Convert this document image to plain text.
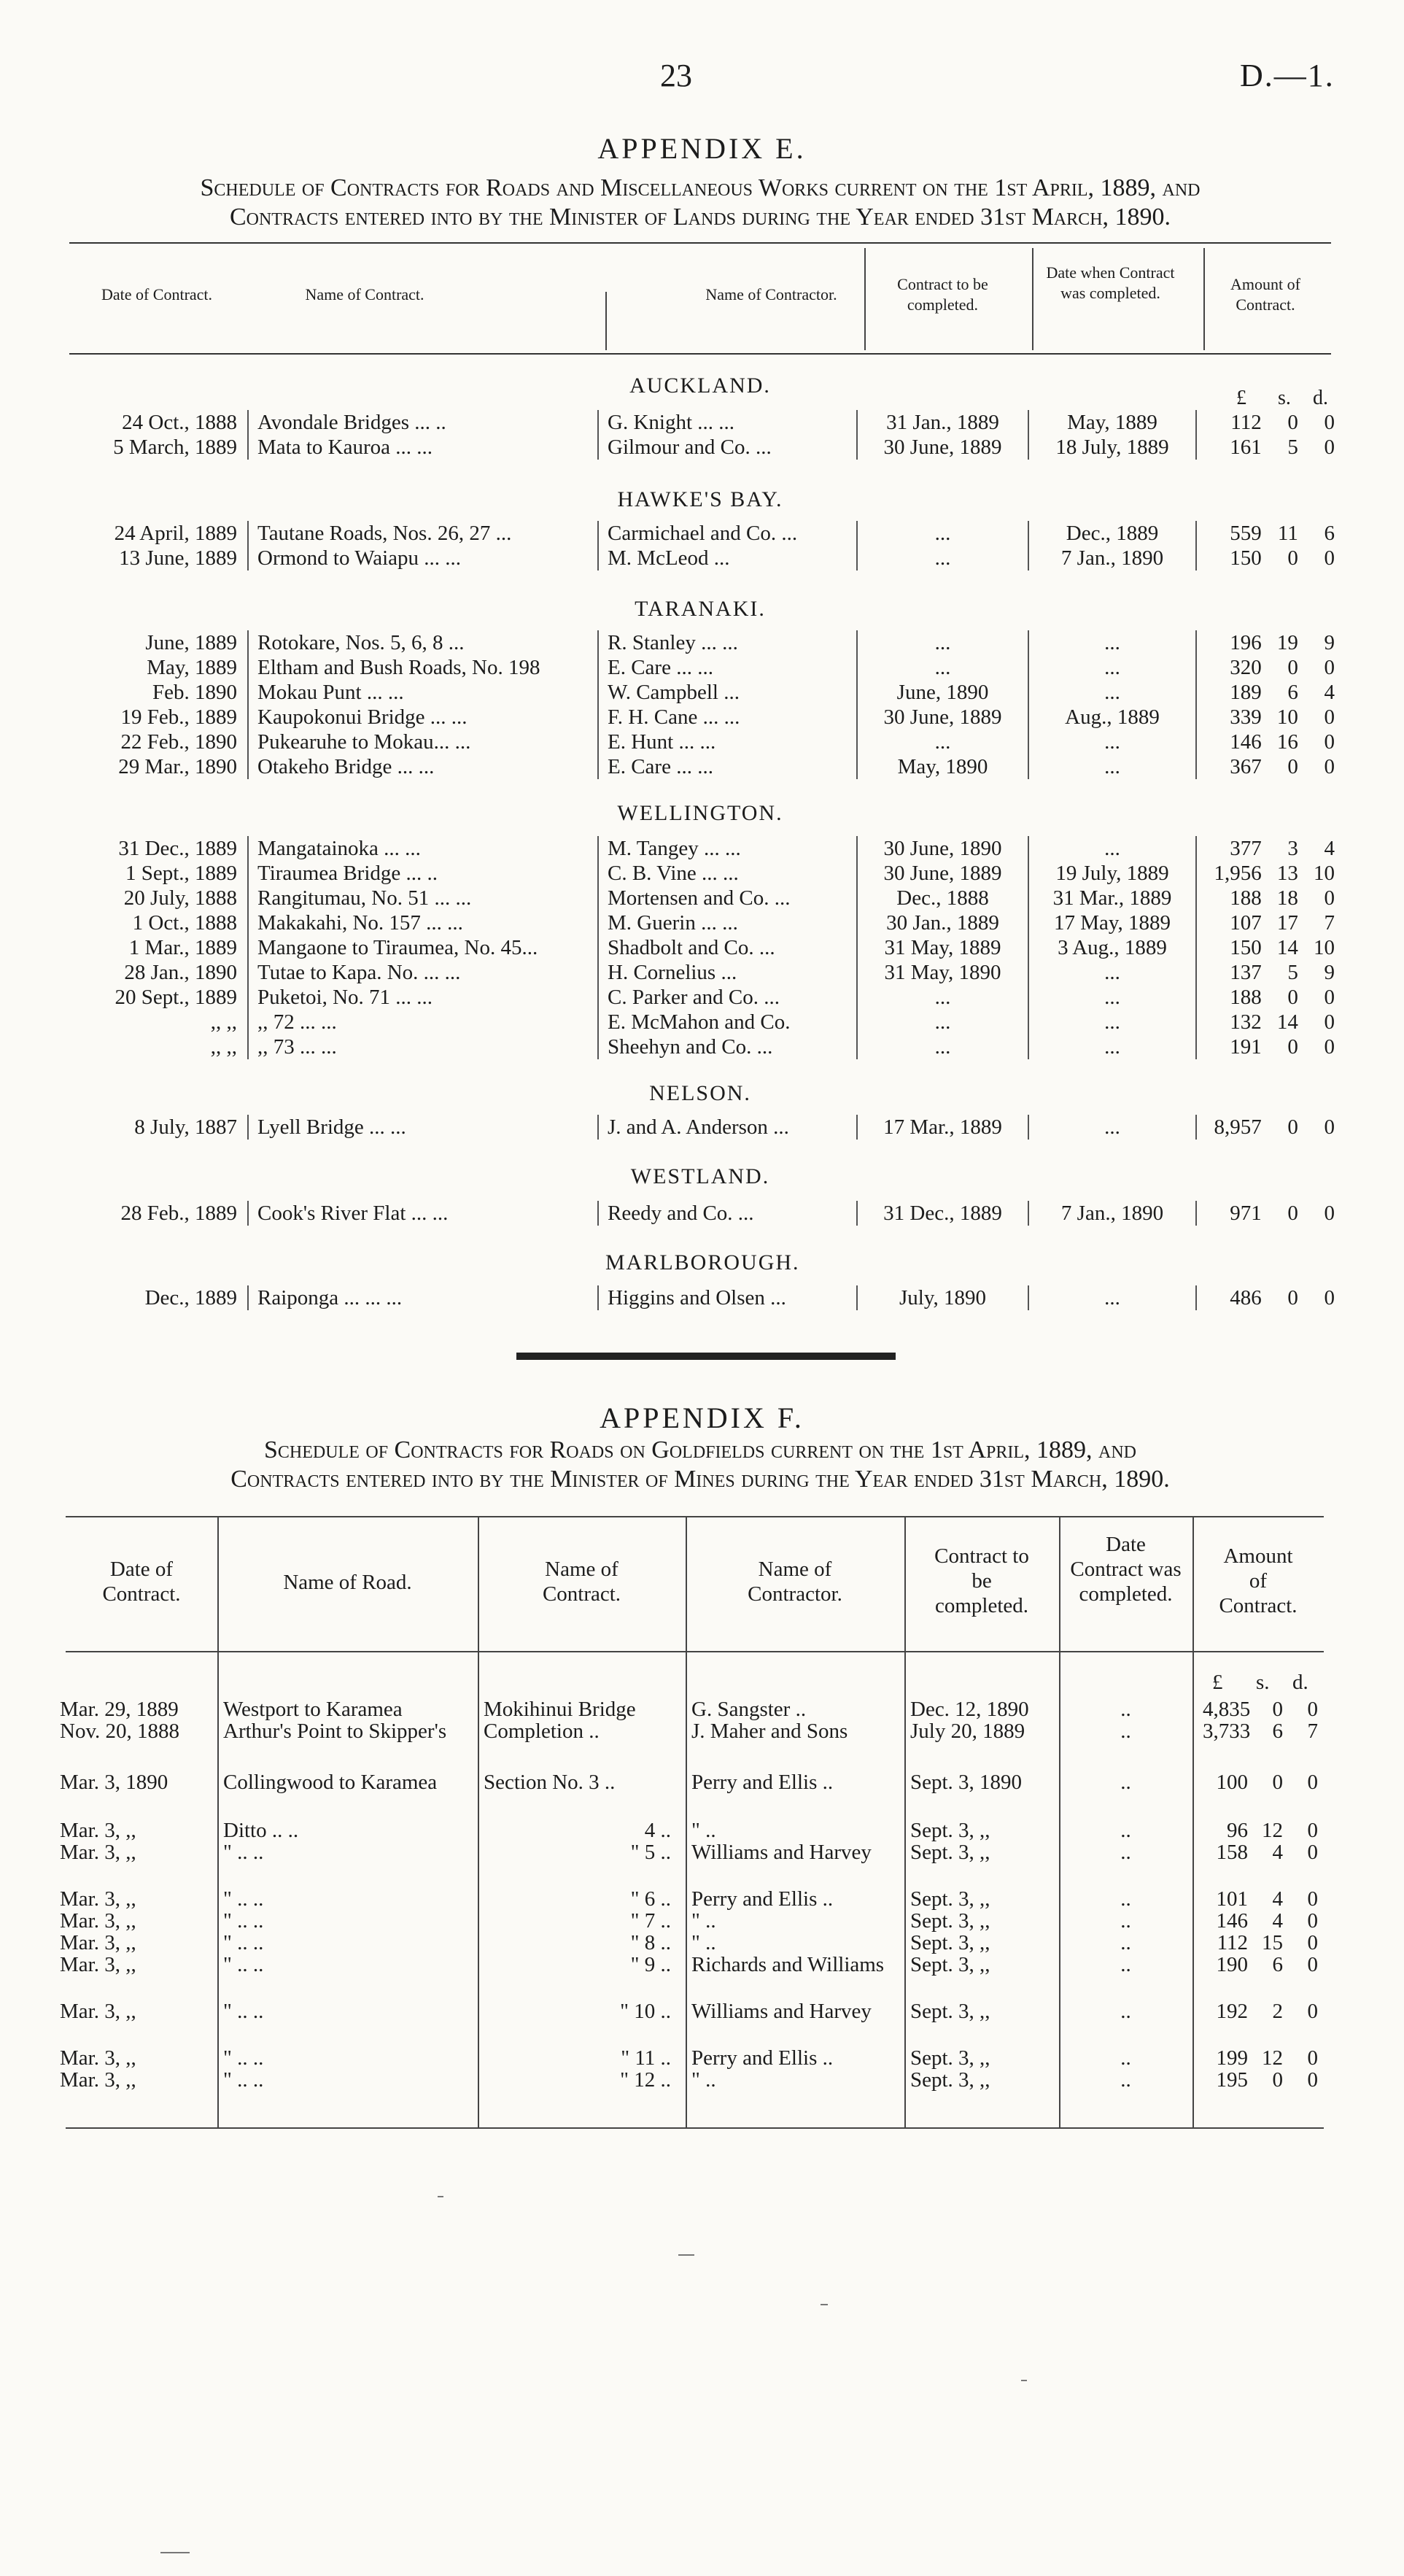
23	D.—1.
APPENDIX E.
Schedule of Contracts for Roads and Miscellaneous Works current on the 1st April, 1889, and
Contracts entered into by the Minister of Lands during the Year ended 31st March, 1890.
Date of Contract.	Name of Contract.	Name of Contractor.
Contract to be completed.
Date when Contract was completed.	Amount of Contract.
£ s. d.
AUCKLAND.
24 Oct., 1888	Avondale Bridges ... ..	G. Knight ... ...	31 Jan., 1889	May, 1889	112 0 0

5 March, 1889	Mata to Kauroa ... ...	Gilmour and Co. ...	30 June, 1889	18 July, 1889	161 5 0
HAWKE'S BAY.
24 April, 1889	Tautane Roads, Nos. 26, 27 ...	Carmichael and Co. ...	...	Dec., 1889	559 11 6

13 June, 1889	Ormond to Waiapu ... ...	M. McLeod ...	...	7 Jan., 1890	150 0 0
TARANAKI.
June, 1889	Rotokare, Nos. 5, 6, 8 ...	R. Stanley ... ...	...	...	196 19 9

May, 1889	Eltham and Bush Roads, No. 198	E. Care ... ...	...	...	320 0 0

Feb. 1890	Mokau Punt ... ...	W. Campbell ...	June, 1890	...	189 6 4

19 Feb., 1889	Kaupokonui Bridge ... ...	F. H. Cane ... ...	30 June, 1889	Aug., 1889	339 10 0

22 Feb., 1890	Pukearuhe to Mokau... ...	E. Hunt ... ...	...	...	146 16 0

29 Mar., 1890	Otakeho Bridge ... ...	E. Care ... ...	May, 1890	...	367 0 0
WELLINGTON.
31 Dec., 1889	Mangatainoka ... ...	M. Tangey ... ...	30 June, 1890	...	377 3 4

1 Sept., 1889	Tiraumea Bridge ... ..	C. B. Vine ... ...	30 June, 1889	19 July, 1889	1,956 13 10

20 July, 1888	Rangitumau, No. 51 ... ...	Mortensen and Co. ...	Dec., 1888	31 Mar., 1889	188 18 0

1 Oct., 1888	Makakahi, No. 157 ... ...	M. Guerin ... ...	30 Jan., 1889	17 May, 1889	107 17 7

1 Mar., 1889	Mangaone to Tiraumea, No. 45...	Shadbolt and Co. ...	31 May, 1889	3 Aug., 1889	150 14 10

28 Jan., 1890	Tutae to Kapa. No. ... ...	H. Cornelius ...	31 May, 1890	...	137 5 9

20 Sept., 1889	Puketoi, No. 71 ... ...	C. Parker and Co. ...	...	...	188 0 0

,, ,,	,, 72 ... ...	E. McMahon and Co.	...	...	132 14 0

,, ,,	,, 73 ... ...	Sheehyn and Co. ...	...	...	191 0 0
NELSON.
8 July, 1887	Lyell Bridge ... ...	J. and A. Anderson ...	17 Mar., 1889	...	8,957	0	0
WESTLAND.
28 Feb., 1889	Cook's River Flat ... ...	Reedy and Co. ...	31 Dec., 1889	7 Jan., 1890	971	0	0
MARLBOROUGH.
Dec., 1889	Raiponga ... ... ...	Higgins and Olsen ...	July, 1890	...	486	0	0
APPENDIX F.
Schedule of Contracts for Roads on Goldfields current on the 1st April, 1889, and
Contracts entered into by the Minister of Mines during the Year ended 31st March, 1890.
Date of Contract.	Name of Road.
Name of Contract.
Name of Contractor.
Contract to be completed.
Date Contract was completed.
Amount of Contract.
£ s. d.
Mar. 29, 1889	Westport to Karamea	Mokihinui Bridge	G. Sangster ..	Dec. 12, 1890	..	4,835 0 0

Nov. 20, 1888	Arthur's Point to Skipper's	Completion ..	J. Maher and Sons	July 20, 1889	..	3,733 6 7

Mar. 3, 1890	Collingwood to Karamea	Section No. 3 ..	Perry and Ellis ..	Sept. 3, 1890	..	100 0 0

Mar. 3, ,,	Ditto .. ..	4 ..	" ..	Sept. 3, ,,	..	96 12 0

Mar. 3, ,,	" .. ..	" 5 ..	Williams and Harvey	Sept. 3, ,,	..	158 4 0

Mar. 3, ,,	" .. ..	" 6 ..	Perry and Ellis ..	Sept. 3, ,,	..	101 4 0

Mar. 3, ,,	" .. ..	" 7 ..	" ..	Sept. 3, ,,	..	146 4 0

Mar. 3, ,,	" .. ..	" 8 ..	" ..	Sept. 3, ,,	..	112 15 0

Mar. 3, ,,	" .. ..	" 9 ..	Richards and Williams	Sept. 3, ,,	..	190 6 0

Mar. 3, ,,	" .. ..	" 10 ..	Williams and Harvey	Sept. 3, ,,	..	192 2 0

Mar. 3, ,,	" .. ..	" 11 ..	Perry and Ellis ..	Sept. 3, ,,	..	199 12 0

Mar. 3, ,,	" .. ..	" 12 ..	" ..	Sept. 3, ,,	..	195 0 0
